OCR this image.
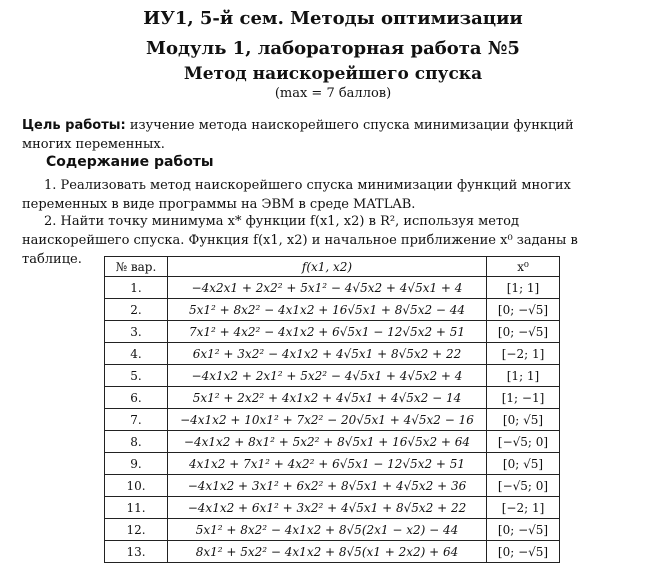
ИУ1, 5-й сем. Методы оптимизации
Модуль 1, лабораторная работа №5
Метод наискорейшего спуска
(max = 7 баллов)
Цель работы: изучение метода наискорейшего спуска минимизации функций многих переменных.
Содержание работы
1. Реализовать метод наискорейшего спуска минимизации функций многих переменных в виде программы на ЭВМ в среде MATLAB.
2. Найти точку минимума x* функции f(x1, x2) в R², используя метод наискорейшего спуска. Функция f(x1, x2) и начальное приближение x⁰ заданы в таблице.	№ вар.	f(x1, x2)	x⁰
1.	−4x2x1 + 2x2² + 5x1² − 4√5x2 + 4√5x1 + 4	[1; 1]
2.	5x1² + 8x2² − 4x1x2 + 16√5x1 + 8√5x2 − 44	[0; −√5]
3.	7x1² + 4x2² − 4x1x2 + 6√5x1 − 12√5x2 + 51	[0; −√5]
4.	6x1² + 3x2² − 4x1x2 + 4√5x1 + 8√5x2 + 22	[−2; 1]
5.	−4x1x2 + 2x1² + 5x2² − 4√5x1 + 4√5x2 + 4	[1; 1]
6.	5x1² + 2x2² + 4x1x2 + 4√5x1 + 4√5x2 − 14	[1; −1]
7.	−4x1x2 + 10x1² + 7x2² − 20√5x1 + 4√5x2 − 16	[0; √5]
8.	−4x1x2 + 8x1² + 5x2² + 8√5x1 + 16√5x2 + 64	[−√5; 0]
9.	4x1x2 + 7x1² + 4x2² + 6√5x1 − 12√5x2 + 51	[0; √5]
10.	−4x1x2 + 3x1² + 6x2² + 8√5x1 + 4√5x2 + 36	[−√5; 0]
11.	−4x1x2 + 6x1² + 3x2² + 4√5x1 + 8√5x2 + 22	[−2; 1]
12.	5x1² + 8x2² − 4x1x2 + 8√5(2x1 − x2) − 44	[0; −√5]
13.	8x1² + 5x2² − 4x1x2 + 8√5(x1 + 2x2) + 64	[0; −√5]
